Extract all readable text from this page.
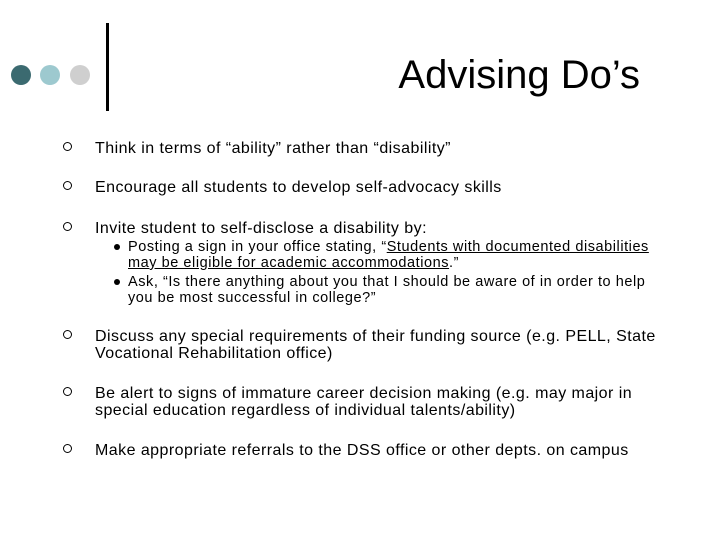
Advising Do’s
Think in terms of “ability” rather than “disability”
Encourage all students to develop self-advocacy skills
Invite student to self-disclose a disability by:
Posting a sign in your office stating, “Students with documented disabilities may be eligible for academic accommodations.”
Ask, “Is there anything about you that I should be aware of in order to help you be most successful in college?”
Discuss any special requirements of their funding source (e.g. PELL, State Vocational Rehabilitation office)
Be alert to signs of immature career decision making (e.g. may major in special education regardless of individual talents/ability)
Make appropriate referrals to the DSS office or other depts. on campus
